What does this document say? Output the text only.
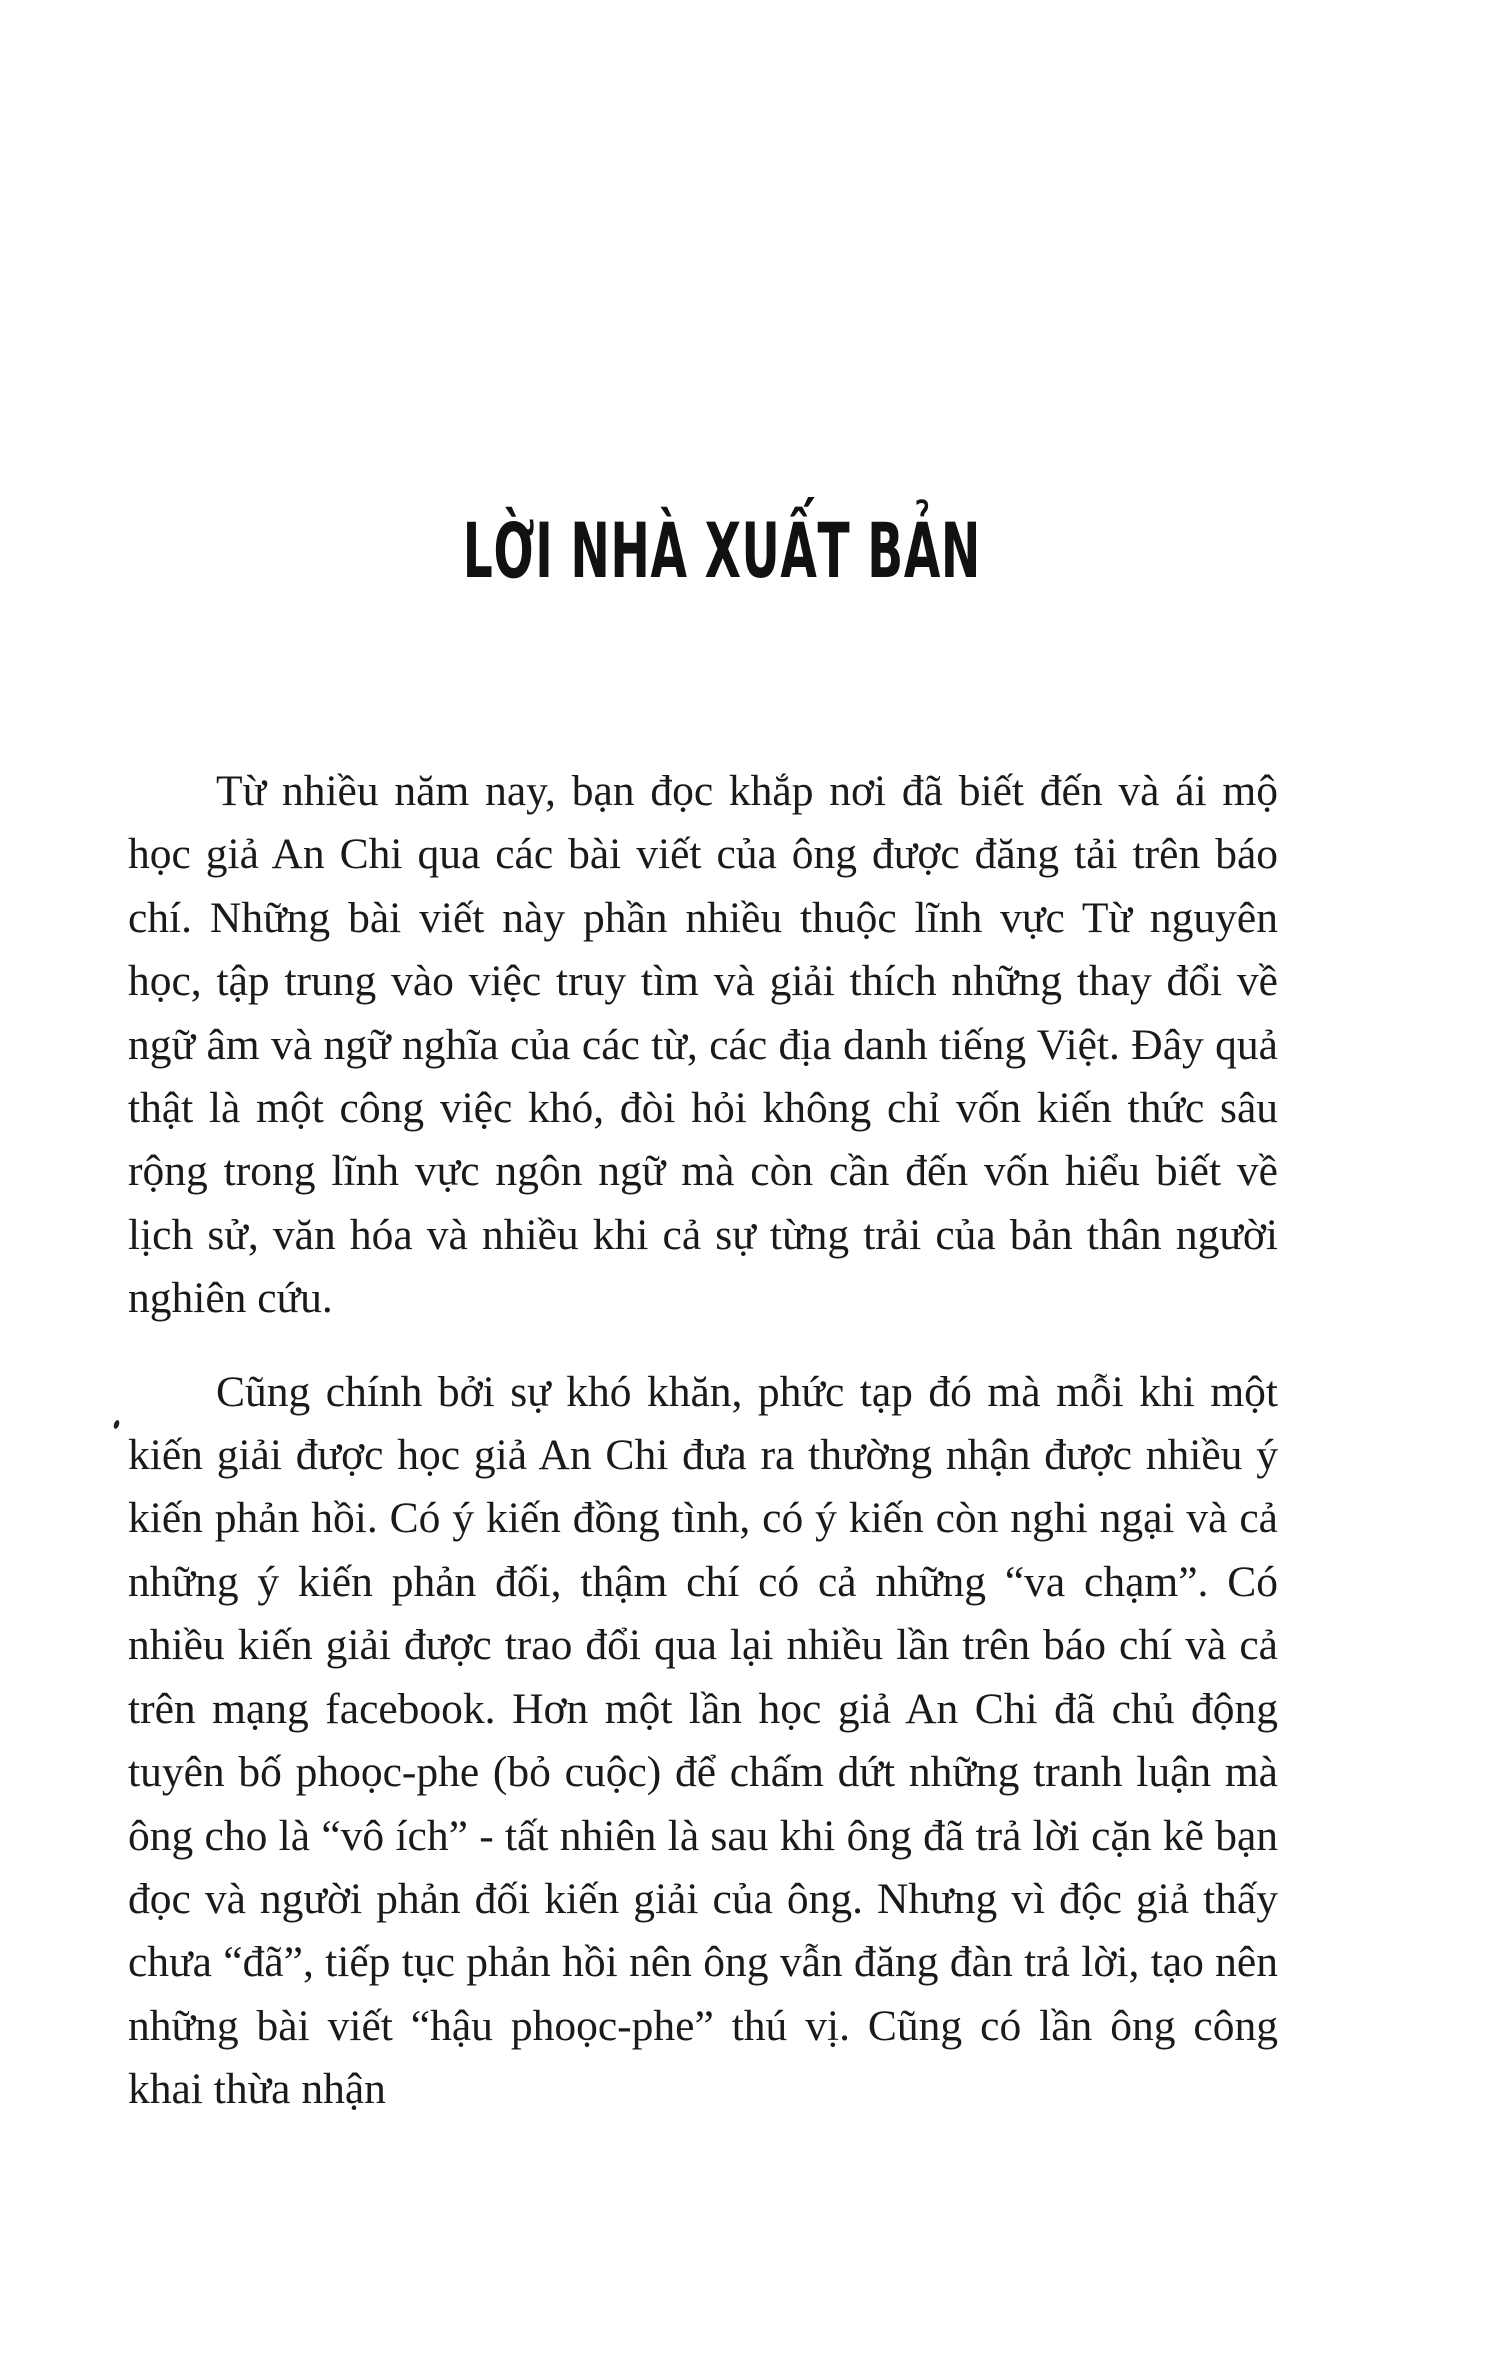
LỜI NHÀ XUẤT BẢN

Từ nhiều năm nay, bạn đọc khắp nơi đã biết đến và ái mộ học giả An Chi qua các bài viết của ông được đăng tải trên báo chí. Những bài viết này phần nhiều thuộc lĩnh vực Từ nguyên học, tập trung vào việc truy tìm và giải thích những thay đổi về ngữ âm và ngữ nghĩa của các từ, các địa danh tiếng Việt. Đây quả thật là một công việc khó, đòi hỏi không chỉ vốn kiến thức sâu rộng trong lĩnh vực ngôn ngữ mà còn cần đến vốn hiểu biết về lịch sử, văn hóa và nhiều khi cả sự từng trải của bản thân người nghiên cứu.

Cũng chính bởi sự khó khăn, phức tạp đó mà mỗi khi một kiến giải được học giả An Chi đưa ra thường nhận được nhiều ý kiến phản hồi. Có ý kiến đồng tình, có ý kiến còn nghi ngại và cả những ý kiến phản đối, thậm chí có cả những “va chạm”. Có nhiều kiến giải được trao đổi qua lại nhiều lần trên báo chí và cả trên mạng facebook. Hơn một lần học giả An Chi đã chủ động tuyên bố phoọc-phe (bỏ cuộc) để chấm dứt những tranh luận mà ông cho là “vô ích” - tất nhiên là sau khi ông đã trả lời cặn kẽ bạn đọc và người phản đối kiến giải của ông. Nhưng vì độc giả thấy chưa “đã”, tiếp tục phản hồi nên ông vẫn đăng đàn trả lời, tạo nên những bài viết “hậu phoọc-phe” thú vị. Cũng có lần ông công khai thừa nhận
